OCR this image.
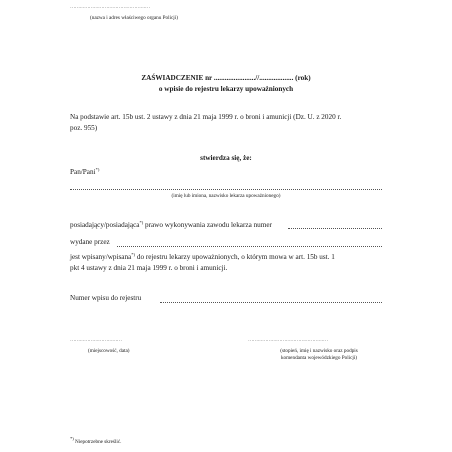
……………………………………………
(nazwa i adres właściwego organu Policji)
ZAŚWIADCZENIE nr .......................//................... (rok)
o wpisie do rejestru lekarzy upoważnionych
Na podstawie art. 15b ust. 2 ustawy z dnia 21 maja 1999 r. o broni i amunicji (Dz. U. z 2020 r.
poz. 955)
stwierdza się, że:
Pan/Pani*)
(imię lub imiona, nazwisko lekarza upoważnionego)
posiadający/posiadająca*) prawo wykonywania zawodu lekarza numer
wydane przez
jest wpisany/wpisana*) do rejestru lekarzy upoważnionych, o którym mowa w art. 15b ust. 1
pkt 4 ustawy z dnia 21 maja 1999 r. o broni i amunicji.
Numer wpisu do rejestru
……………………………
(miejscowość, data)
……………………………………………
(stopień, imię i nazwisko oraz podpis
komendanta wojewódzkiego Policji)
*) Niepotrzebne skreślić.
